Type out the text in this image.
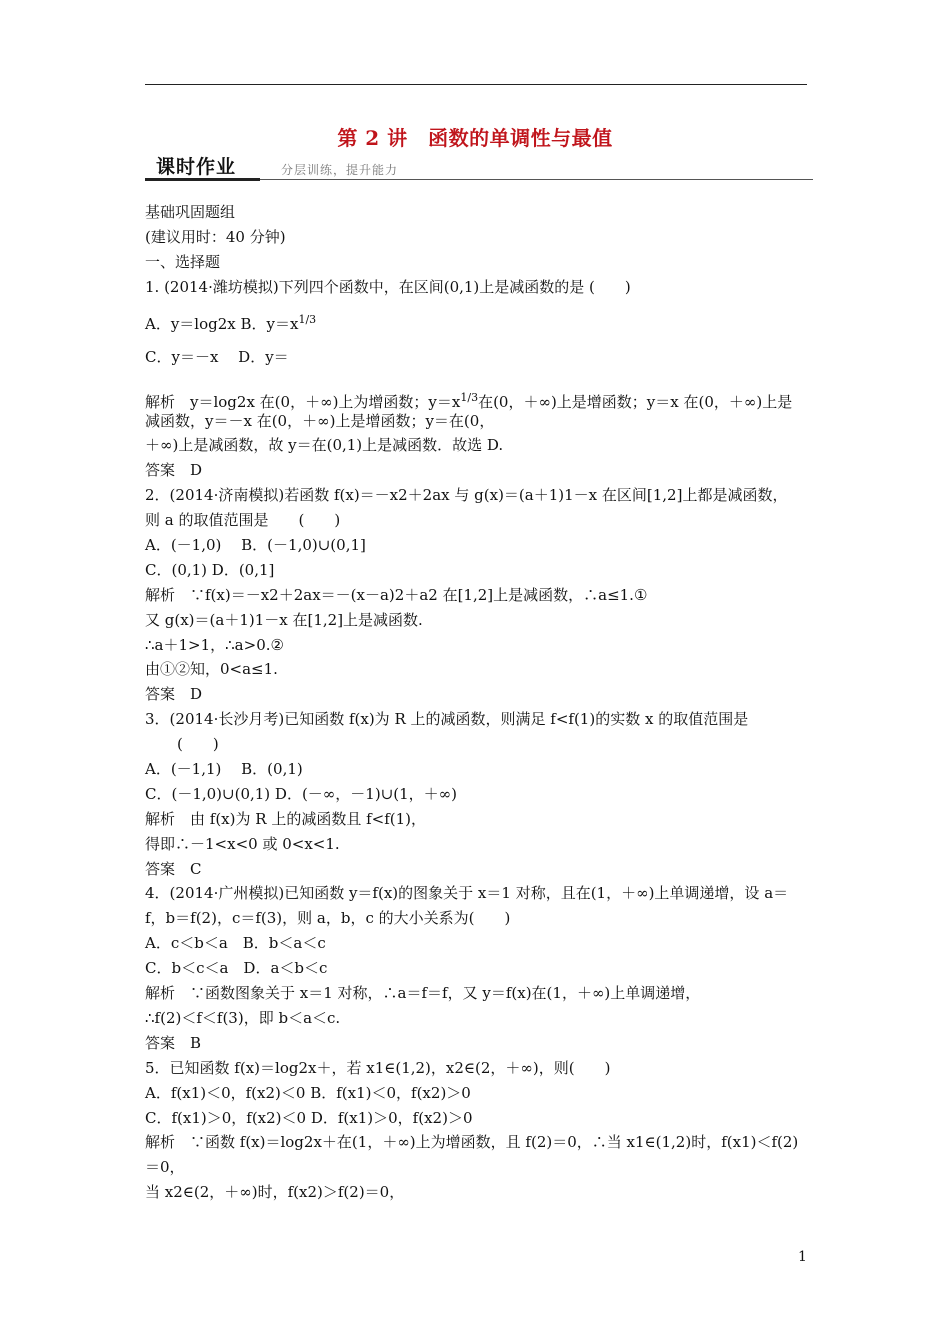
第 2 讲　函数的单调性与最值
课时作业	分层训练，提升能力
基础巩固题组
(建议用时：40 分钟)
一、选择题
1. (2014·潍坊模拟)下列四个函数中，在区间(0,1)上是减函数的是 (　　)
A．y＝log2x B．$y=x^{1/3}$
C．y＝－x　 D．y＝
解析　y＝log2x 在(0，＋∞)上为增函数；$y=x^{1/3}$在(0，＋∞)上是增函数；y＝x 在(0，＋∞)上是
减函数，y＝－x 在(0，＋∞)上是增函数；y＝在(0，
＋∞)上是减函数，故 y＝在(0,1)上是减函数．故选 D.
答案　D
2．(2014·济南模拟)若函数 f(x)＝－x2＋2ax 与 g(x)＝(a＋1)1－x 在区间[1,2]上都是减函数，
则 a 的取值范围是　　(　　)
A．(－1,0)　 B．(－1,0)∪(0,1]
C．(0,1) D．(0,1]
解析　∵f(x)＝－x2＋2ax＝－(x－a)2＋a2 在[1,2]上是减函数，∴a≤1.①
又 g(x)＝(a＋1)1－x 在[1,2]上是减函数.
∴a＋1>1，∴a>0.②
由①②知，0<a≤1.
答案　D
3．(2014·长沙月考)已知函数 f(x)为 R 上的减函数，则满足 f<f(1)的实数 x 的取值范围是
(　　)
A．(－1,1)　 B．(0,1)
C．(－1,0)∪(0,1) D．(－∞，－1)∪(1，＋∞)
解析　由 f(x)为 R 上的减函数且 f<f(1)，
得即∴－1<x<0 或 0<x<1.
答案　C
4．(2014·广州模拟)已知函数 y＝f(x)的图象关于 x＝1 对称，且在(1，＋∞)上单调递增，设 a＝
f，b＝f(2)，c＝f(3)，则 a，b，c 的大小关系为(　　)
A．c＜b＜a　B．b＜a＜c
C．b＜c＜a　D．a＜b＜c
解析　∵函数图象关于 x＝1 对称，∴a＝f＝f，又 y＝f(x)在(1，＋∞)上单调递增，
∴f(2)＜f＜f(3)，即 b＜a＜c.
答案　B
5．已知函数 f(x)＝log2x＋，若 x1∈(1,2)，x2∈(2，＋∞)，则(　　)
A．f(x1)＜0，f(x2)＜0 B．f(x1)＜0，f(x2)＞0
C．f(x1)＞0，f(x2)＜0 D．f(x1)＞0，f(x2)＞0
解析　∵函数 f(x)＝log2x＋在(1，＋∞)上为增函数，且 f(2)＝0，∴当 x1∈(1,2)时，f(x1)＜f(2)
＝0，
当 x2∈(2，＋∞)时，f(x2)＞f(2)＝0，
1
